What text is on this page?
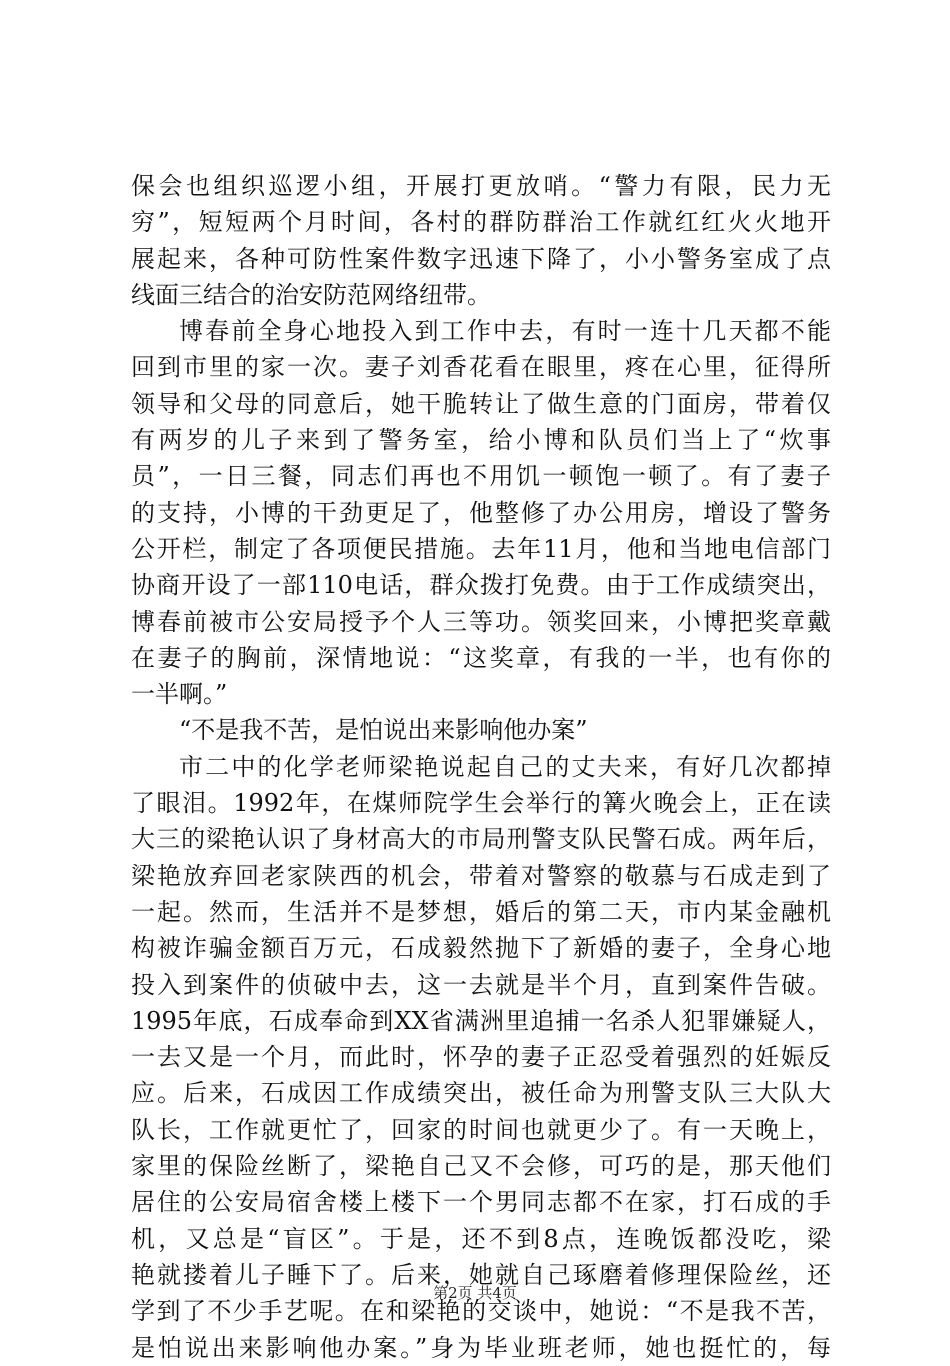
保会也组织巡逻小组，开展打更放哨。“警力有限，民力无
穷”，短短两个月时间，各村的群防群治工作就红红火火地开
展起来，各种可防性案件数字迅速下降了，小小警务室成了点
线面三结合的治安防范网络纽带。
博春前全身心地投入到工作中去，有时一连十几天都不能
回到市里的家一次。妻子刘香花看在眼里，疼在心里，征得所
领导和父母的同意后，她干脆转让了做生意的门面房，带着仅
有两岁的儿子来到了警务室，给小博和队员们当上了“炊事
员”，一日三餐，同志们再也不用饥一顿饱一顿了。有了妻子
的支持，小博的干劲更足了，他整修了办公用房，增设了警务
公开栏，制定了各项便民措施。去年11月，他和当地电信部门
协商开设了一部110电话，群众拨打免费。由于工作成绩突出，
博春前被市公安局授予个人三等功。领奖回来，小博把奖章戴
在妻子的胸前，深情地说：“这奖章，有我的一半，也有你的
一半啊。”
“不是我不苦，是怕说出来影响他办案”
市二中的化学老师梁艳说起自己的丈夫来，有好几次都掉
了眼泪。1992年，在煤师院学生会举行的篝火晚会上，正在读
大三的梁艳认识了身材高大的市局刑警支队民警石成。两年后，
梁艳放弃回老家陕西的机会，带着对警察的敬慕与石成走到了
一起。然而，生活并不是梦想，婚后的第二天，市内某金融机
构被诈骗金额百万元，石成毅然抛下了新婚的妻子，全身心地
投入到案件的侦破中去，这一去就是半个月，直到案件告破。
1995年底，石成奉命到XX省满洲里追捕一名杀人犯罪嫌疑人，
一去又是一个月，而此时，怀孕的妻子正忍受着强烈的妊娠反
应。后来，石成因工作成绩突出，被任命为刑警支队三大队大
队长，工作就更忙了，回家的时间也就更少了。有一天晚上，
家里的保险丝断了，梁艳自己又不会修，可巧的是，那天他们
居住的公安局宿舍楼上楼下一个男同志都不在家，打石成的手
机，又总是“盲区”。于是，还不到8点，连晚饭都没吃，梁
艳就搂着儿子睡下了。后来，她就自己琢磨着修理保险丝，还
学到了不少手艺呢。在和梁艳的交谈中，她说：“不是我不苦，
是怕说出来影响他办案。”身为毕业班老师，她也挺忙的，每
第2页 共4页
